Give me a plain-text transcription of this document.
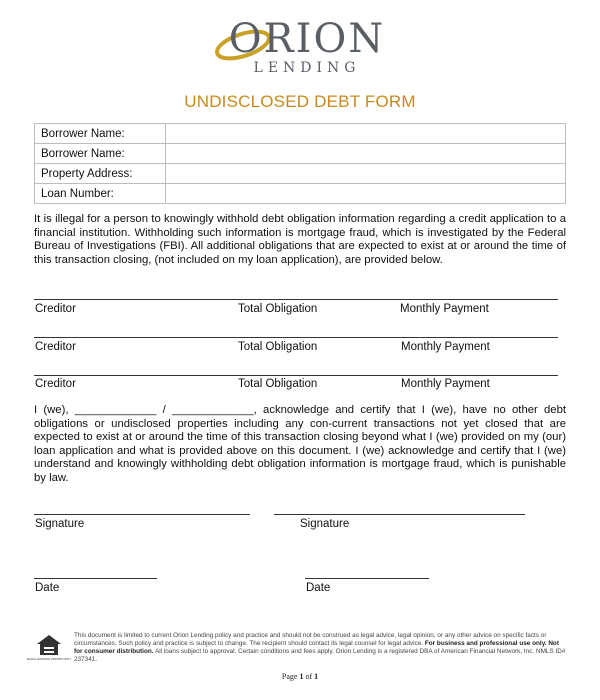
ORION
LENDING
UNDISCLOSED DEBT FORM
Borrower Name:	
Borrower Name:	
Property Address:	
Loan Number:	
It is illegal for a person to knowingly withhold debt obligation information regarding a credit application to a financial institution. Withholding such information is mortgage fraud, which is investigated by the Federal Bureau of Investigations (FBI). All additional obligations that are expected to exist at or around the time of this transaction closing, (not included on my loan application), are provided below.
Creditor	Total Obligation	Monthly Payment
Creditor	Total Obligation	Monthly Payment
Creditor	Total Obligation	Monthly Payment
I (we), _____________ / _____________, acknowledge and certify that I (we), have no other debt obligations or undisclosed properties including any con-current transactions not yet closed that are expected to exist at or around the time of this transaction closing beyond what I (we) provided on my (our) loan application and what is provided above on this document. I (we) acknowledge and certify that I (we) understand and knowingly withholding debt obligation information is mortgage fraud, which is punishable by law.
Signature	Signature
Date	Date
EQUAL HOUSING OPPORTUNITY
This document is limited to current Orion Lending policy and practice and should not be construed as legal advice, legal opinion, or any other advice on specific facts or circumstances. Such policy and practice is subject to change. The recipient should contact its legal counsel for legal advice. For business and professional use only. Not for consumer distribution. All loans subject to approval. Certain conditions and fees apply. Orion Lending is a registered DBA of American Financial Network, Inc. NMLS ID# 237341.
Page 1 of 1
